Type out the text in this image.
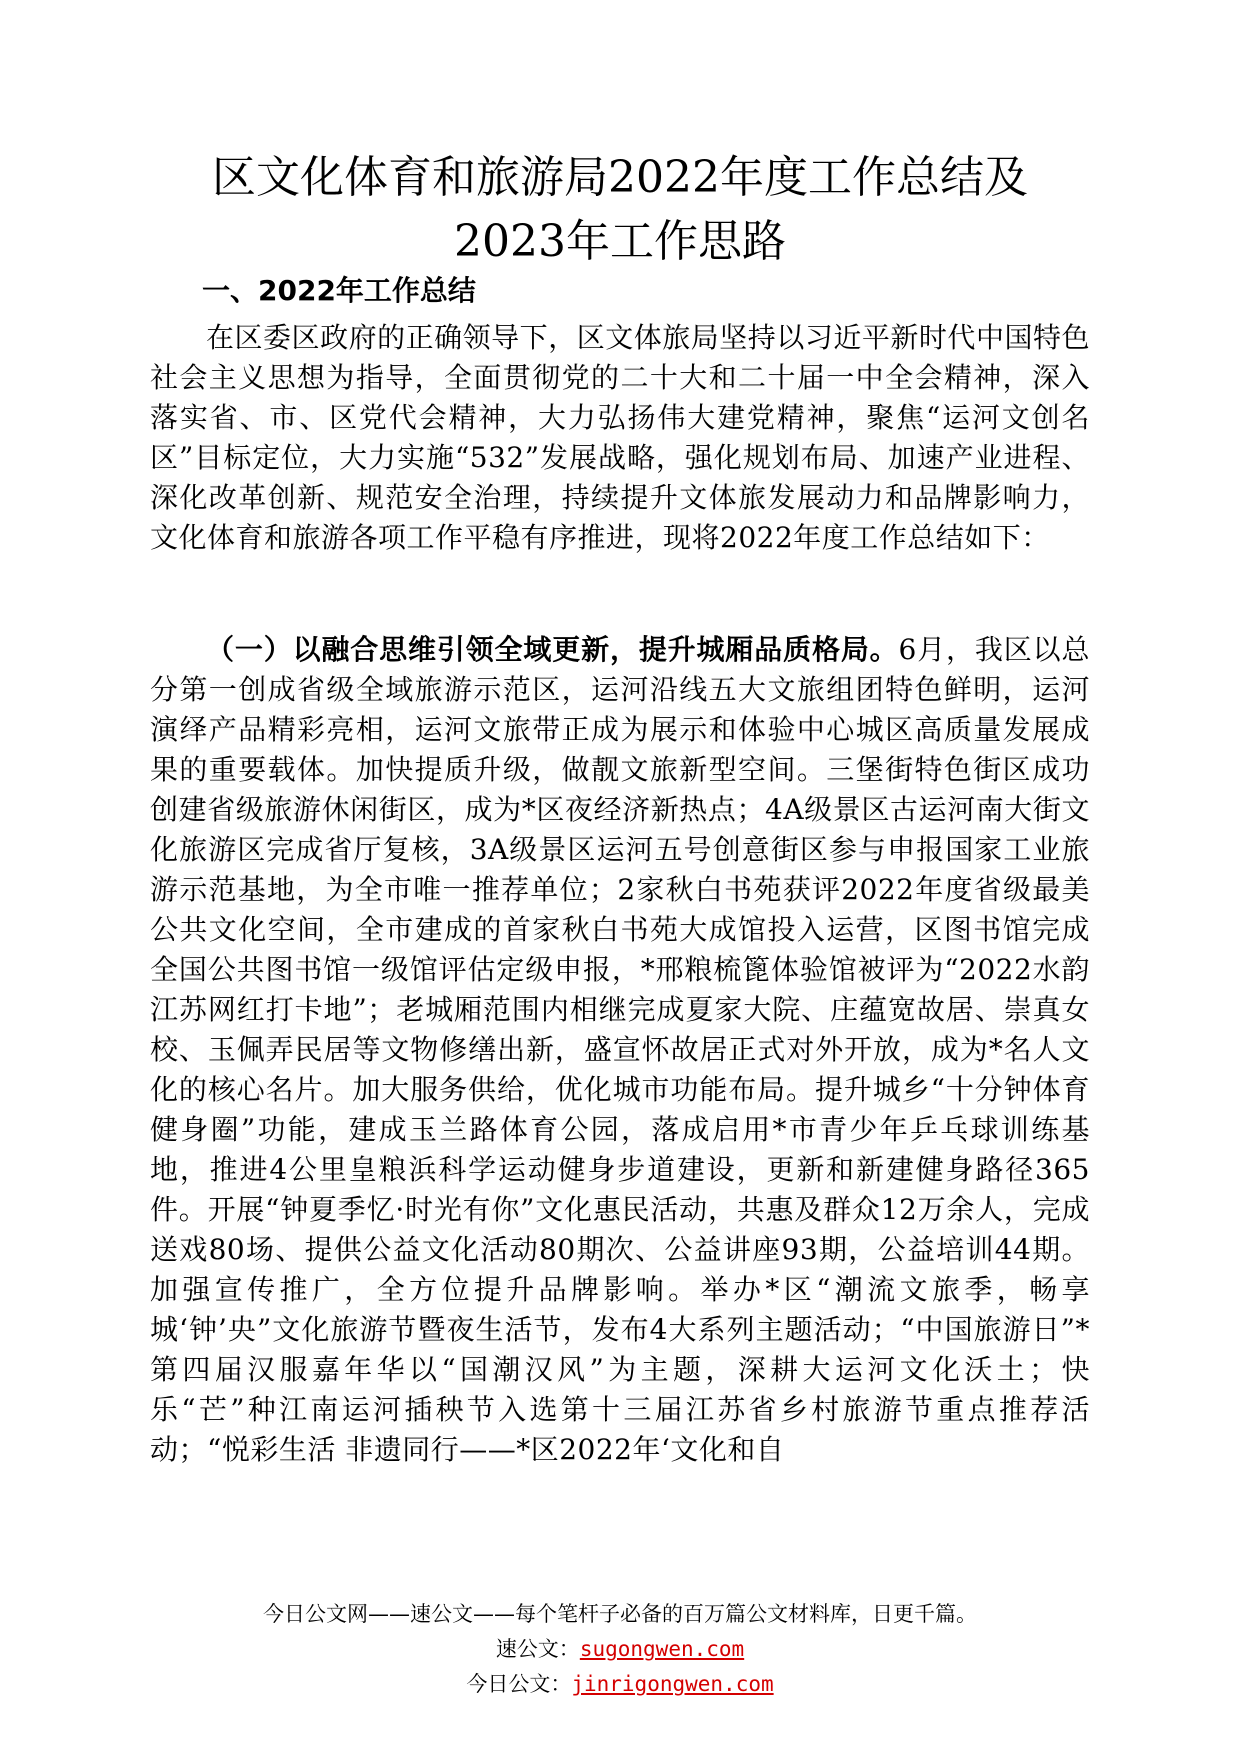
区文化体育和旅游局2022年度工作总结及
2023年工作思路
一、2022年工作总结

在区委区政府的正确领导下，区文体旅局坚持以习近平新时代中国特色社会主义思想为指导，全面贯彻党的二十大和二十届一中全会精神，深入落实省、市、区党代会精神，大力弘扬伟大建党精神，聚焦“运河文创名区”目标定位，大力实施“532”发展战略，强化规划布局、加速产业进程、深化改革创新、规范安全治理，持续提升文体旅发展动力和品牌影响力，文化体育和旅游各项工作平稳有序推进，现将2022年度工作总结如下：

（一）以融合思维引领全域更新，提升城厢品质格局。6月，我区以总分第一创成省级全域旅游示范区，运河沿线五大文旅组团特色鲜明，运河演绎产品精彩亮相，运河文旅带正成为展示和体验中心城区高质量发展成果的重要载体。加快提质升级，做靓文旅新型空间。三堡街特色街区成功创建省级旅游休闲街区，成为*区夜经济新热点；4A级景区古运河南大街文化旅游区完成省厅复核，3A级景区运河五号创意街区参与申报国家工业旅游示范基地，为全市唯一推荐单位；2家秋白书苑获评2022年度省级最美公共文化空间，全市建成的首家秋白书苑大成馆投入运营，区图书馆完成全国公共图书馆一级馆评估定级申报，*邢粮梳篦体验馆被评为“2022水韵江苏网红打卡地”；老城厢范围内相继完成夏家大院、庄蕴宽故居、崇真女校、玉佩弄民居等文物修缮出新，盛宣怀故居正式对外开放，成为*名人文化的核心名片。加大服务供给，优化城市功能布局。提升城乡“十分钟体育健身圈”功能，建成玉兰路体育公园，落成启用*市青少年乒乓球训练基地，推进4公里皇粮浜科学运动健身步道建设，更新和新建健身路径365件。开展“钟夏季忆·时光有你”文化惠民活动，共惠及群众12万余人，完成送戏80场、提供公益文化活动80期次、公益讲座93期，公益培训44期。加强宣传推广，全方位提升品牌影响。举办*区“潮流文旅季，畅享城‘钟’央”文化旅游节暨夜生活节，发布4大系列主题活动；“中国旅游日”*第四届汉服嘉年华以“国潮汉风”为主题，深耕大运河文化沃土；快乐“芒”种江南运河插秧节入选第十三届江苏省乡村旅游节重点推荐活动；“悦彩生活 非遗同行——*区2022年‘文化和自

今日公文网——速公文——每个笔杆子必备的百万篇公文材料库，日更千篇。
速公文：sugongwen.com
今日公文：jinrigongwen.com
